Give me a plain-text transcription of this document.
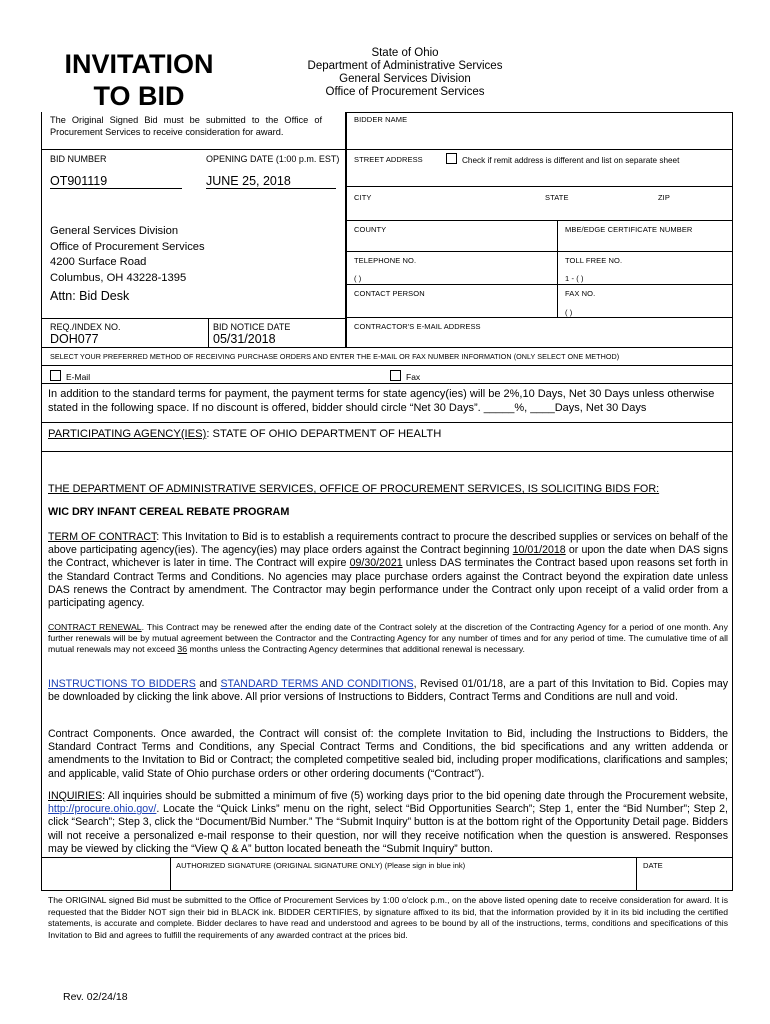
INVITATION
TO BID
State of Ohio
Department of Administrative Services
General Services Division
Office of Procurement Services
The Original Signed Bid must be submitted to the Office of Procurement Services to receive consideration for award.
BID NUMBER	OPENING DATE (1:00 p.m. EST)
OT901119	JUNE 25, 2018
General Services Division
Office of Procurement Services
4200 Surface Road
Columbus, OH 43228-1395
Attn: Bid Desk
REQ./INDEX NO.
DOH077
BID NOTICE DATE
05/31/2018
BIDDER NAME
STREET ADDRESS	Check if remit address is different and list on separate sheet
CITY	STATE	ZIP
COUNTY	MBE/EDGE CERTIFICATE NUMBER
TELEPHONE NO.
( )
TOLL FREE NO.
1 - ( )
CONTACT PERSON	FAX NO.
( )
CONTRACTOR'S E-MAIL ADDRESS
SELECT YOUR PREFERRED METHOD OF RECEIVING PURCHASE ORDERS AND ENTER THE E-MAIL OR FAX NUMBER INFORMATION (ONLY SELECT ONE METHOD)
E-Mail	Fax
In addition to the standard terms for payment, the payment terms for state agency(ies) will be 2%,10 Days, Net 30 Days unless otherwise stated in the following space. If no discount is offered, bidder should circle “Net 30 Days”. _____%, ____Days, Net 30 Days
PARTICIPATING AGENCY(IES): STATE OF OHIO DEPARTMENT OF HEALTH
THE DEPARTMENT OF ADMINISTRATIVE SERVICES, OFFICE OF PROCUREMENT SERVICES, IS SOLICITING BIDS FOR:
WIC DRY INFANT CEREAL REBATE PROGRAM
TERM OF CONTRACT: This Invitation to Bid is to establish a requirements contract to procure the described supplies or services on behalf of the above participating agency(ies). The agency(ies) may place orders against the Contract beginning 10/01/2018 or upon the date when DAS signs the Contract, whichever is later in time. The Contract will expire 09/30/2021 unless DAS terminates the Contract based upon reasons set forth in the Standard Contract Terms and Conditions. No agencies may place purchase orders against the Contract beyond the expiration date unless DAS renews the Contract by amendment. The Contractor may begin performance under the Contract only upon receipt of a valid order from a participating agency.
CONTRACT RENEWAL. This Contract may be renewed after the ending date of the Contract solely at the discretion of the Contracting Agency for a period of one month. Any further renewals will be by mutual agreement between the Contractor and the Contracting Agency for any number of times and for any period of time. The cumulative time of all mutual renewals may not exceed 36 months unless the Contracting Agency determines that additional renewal is necessary.
INSTRUCTIONS TO BIDDERS and STANDARD TERMS AND CONDITIONS, Revised 01/01/18, are a part of this Invitation to Bid. Copies may be downloaded by clicking the link above. All prior versions of Instructions to Bidders, Contract Terms and Conditions are null and void.
Contract Components. Once awarded, the Contract will consist of: the complete Invitation to Bid, including the Instructions to Bidders, the Standard Contract Terms and Conditions, any Special Contract Terms and Conditions, the bid specifications and any written addenda or amendments to the Invitation to Bid or Contract; the completed competitive sealed bid, including proper modifications, clarifications and samples; and applicable, valid State of Ohio purchase orders or other ordering documents (“Contract”).
INQUIRIES: All inquiries should be submitted a minimum of five (5) working days prior to the bid opening date through the Procurement website, http://procure.ohio.gov/. Locate the “Quick Links” menu on the right, select “Bid Opportunities Search”; Step 1, enter the “Bid Number”; Step 2, click “Search”; Step 3, click the “Document/Bid Number.” The “Submit Inquiry” button is at the bottom right of the Opportunity Detail page. Bidders will not receive a personalized e-mail response to their question, nor will they receive notification when the question is answered. Responses may be viewed by clicking the “View Q & A” button located beneath the “Submit Inquiry” button.
AUTHORIZED SIGNATURE (ORIGINAL SIGNATURE ONLY) (Please sign in blue ink)	DATE
The ORIGINAL signed Bid must be submitted to the Office of Procurement Services by 1:00 o'clock p.m., on the above listed opening date to receive consideration for award. It is requested that the Bidder NOT sign their bid in BLACK ink. BIDDER CERTIFIES, by signature affixed to its bid, that the information provided by it in its bid including the certified statements, is accurate and complete. Bidder declares to have read and understood and agrees to be bound by all of the instructions, terms, conditions and specifications of this Invitation to Bid and agrees to fulfill the requirements of any awarded contract at the prices bid.
Rev. 02/24/18
